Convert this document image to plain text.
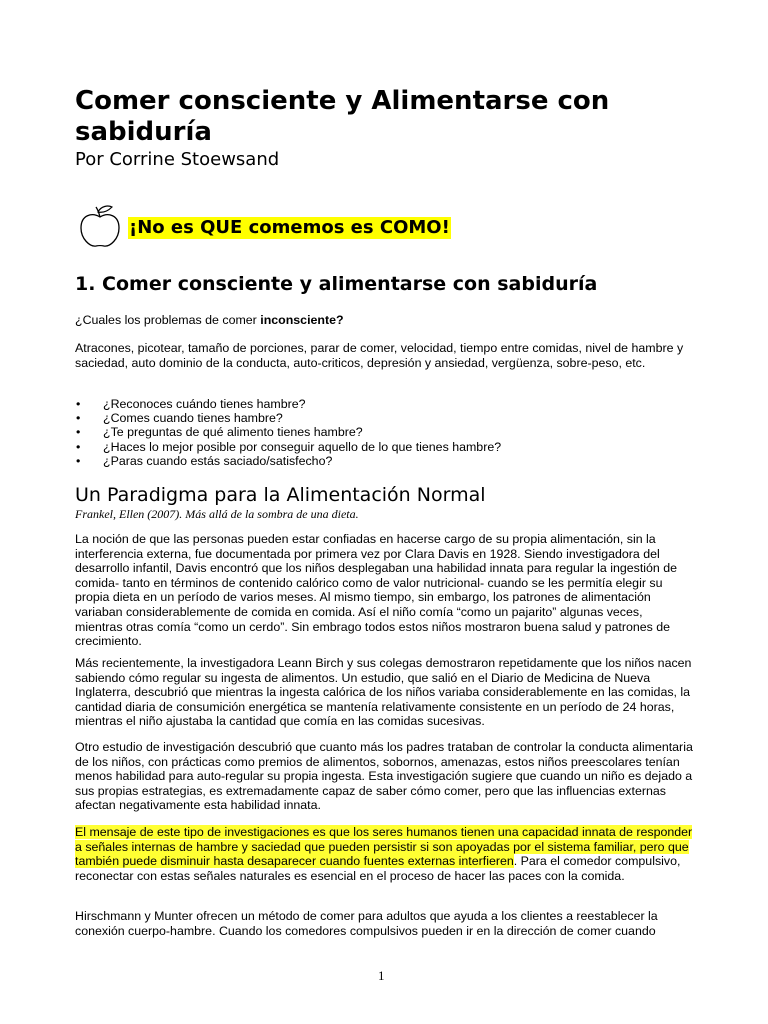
Comer consciente y Alimentarse con sabiduría
Por Corrine Stoewsand
¡No es QUE comemos es COMO!
1. Comer consciente y alimentarse con sabiduría

¿Cuales los problemas de comer inconsciente?

Atracones, picotear, tamaño de porciones, parar de comer, velocidad, tiempo entre comidas, nivel de hambre y saciedad, auto dominio de la conducta, auto-criticos, depresión y ansiedad, vergüenza, sobre-peso, etc.

• ¿Reconoces cuándo tienes hambre?
• ¿Comes cuando tienes hambre?
• ¿Te preguntas de qué alimento tienes hambre?
• ¿Haces lo mejor posible por conseguir aquello de lo que tienes hambre?
• ¿Paras cuando estás saciado/satisfecho?
Un Paradigma para la Alimentación Normal
Frankel, Ellen (2007). Más allá de la sombra de una dieta.

La noción de que las personas pueden estar confiadas en hacerse cargo de su propia alimentación, sin la interferencia externa, fue documentada por primera vez por Clara Davis en 1928. Siendo investigadora del desarrollo infantil, Davis encontró que los niños desplegaban una habilidad innata para regular la ingestión de comida- tanto en términos de contenido calórico como de valor nutricional- cuando se les permitía elegir su propia dieta en un período de varios meses. Al mismo tiempo, sin embargo, los patrones de alimentación variaban considerablemente de comida en comida. Así el niño comía “como un pajarito” algunas veces, mientras otras comía “como un cerdo”. Sin embrago todos estos niños mostraron buena salud y patrones de crecimiento.

Más recientemente, la investigadora Leann Birch y sus colegas demostraron repetidamente que los niños nacen sabiendo cómo regular su ingesta de alimentos. Un estudio, que salió en el Diario de Medicina de Nueva Inglaterra, descubrió que mientras la ingesta calórica de los niños variaba considerablemente en las comidas, la cantidad diaria de consumición energética se mantenía relativamente consistente en un período de 24 horas, mientras el niño ajustaba la cantidad que comía en las comidas sucesivas.

Otro estudio de investigación descubrió que cuanto más los padres trataban de controlar la conducta alimentaria de los niños, con prácticas como premios de alimentos, sobornos, amenazas, estos niños preescolares tenían menos habilidad para auto-regular su propia ingesta. Esta investigación sugiere que cuando un niño es dejado a sus propias estrategias, es extremadamente capaz de saber cómo comer, pero que las influencias externas afectan negativamente esta habilidad innata.

El mensaje de este tipo de investigaciones es que los seres humanos tienen una capacidad innata de responder a señales internas de hambre y saciedad que pueden persistir si son apoyadas por el sistema familiar, pero que también puede disminuir hasta desaparecer cuando fuentes externas interfieren. Para el comedor compulsivo, reconectar con estas señales naturales es esencial en el proceso de hacer las paces con la comida.

Hirschmann y Munter ofrecen un método de comer para adultos que ayuda a los clientes a reestablecer la conexión cuerpo-hambre. Cuando los comedores compulsivos pueden ir en la dirección de comer cuando

1
